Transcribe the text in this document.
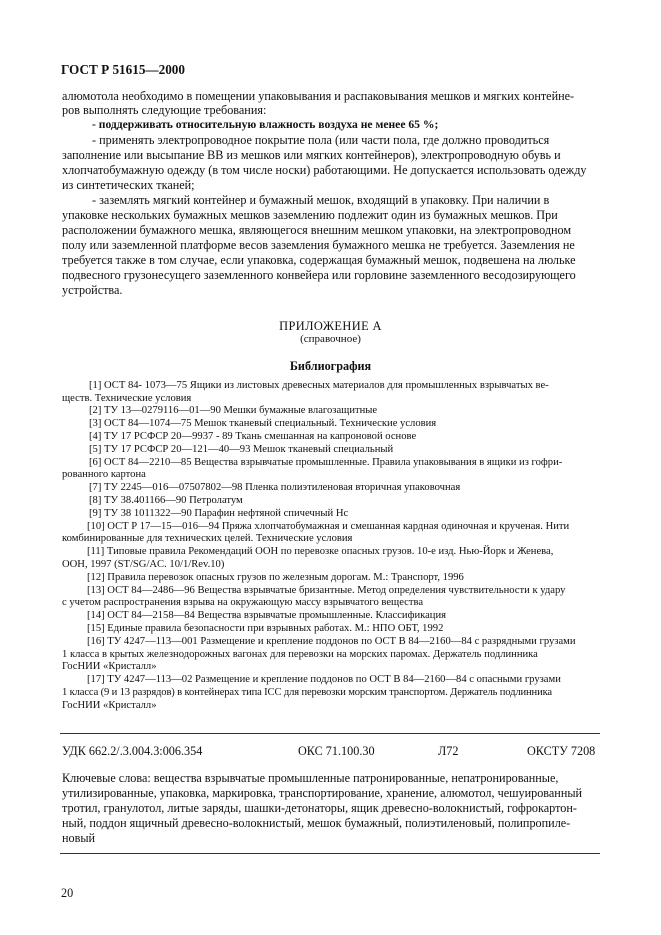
ГОСТ Р 51615—2000
алюмотола необходимо в помещении упаковывания и распаковывания мешков и мягких контейне-
ров выполнять следующие требования:
- поддерживать относительную влажность воздуха не менее 65 %;
- применять электропроводное покрытие пола (или части пола, где должно проводиться
заполнение или высыпание ВВ из мешков или мягких контейнеров), электропроводную обувь и
хлопчатобумажную одежду (в том числе носки) работающими. Не допускается использовать одежду
из синтетических тканей;
- заземлять мягкий контейнер и бумажный мешок, входящий в упаковку. При наличии в
упаковке нескольких бумажных мешков заземлению подлежит один из бумажных мешков. При
расположении бумажного мешка, являющегося внешним мешком упаковки, на электропроводном
полу или заземленной платформе весов заземления бумажного мешка не требуется. Заземления не
требуется также в том случае, если упаковка, содержащая бумажный мешок, подвешена на люльке
подвесного грузонесущего заземленного конвейера или горловине заземленного весодозирующего
устройства.
ПРИЛОЖЕНИЕ А
(справочное)
Библиография
[1] ОСТ 84- 1073—75 Ящики из листовых древесных материалов для промышленных взрывчатых ве-
ществ. Технические условия
[2] ТУ 13—0279116—01—90 Мешки бумажные влагозащитные
[3] ОСТ 84—1074—75 Мешок тканевый специальный. Технические условия
[4] ТУ 17 РСФСР 20—9937 - 89 Ткань смешанная на капроновой основе
[5] ТУ 17 РСФСР 20—121—40—93 Мешок тканевый специальный
[6] ОСТ 84—2210—85 Вещества взрывчатые промышленные. Правила упаковывания в ящики из гофри-
рованного картона
[7] ТУ 2245—016—07507802—98 Пленка полиэтиленовая вторичная упаковочная
[8] ТУ 38.401166—90 Петролатум
[9] ТУ 38 1011322—90 Парафин нефтяной спичечный Нс
[10] ОСТ Р 17—15—016—94 Пряжа хлопчатобумажная и смешанная кардная одиночная и крученая. Нити
комбинированные для технических целей. Технические условия
[11] Типовые правила Рекомендаций ООН по перевозке опасных грузов. 10-е изд. Нью-Йорк и Женева,
ООН, 1997 (ST/SG/AC. 10/1/Rev.10)
[12] Правила перевозок опасных грузов по железным дорогам. М.: Транспорт, 1996
[13] ОСТ 84—2486—96 Вещества взрывчатые бризантные. Метод определения чувствительности к удару
с учетом распространения взрыва на окружающую массу взрывчатого вещества
[14] ОСТ 84—2158—84 Вещества взрывчатые промышленные. Классификация
[15] Единые правила безопасности при взрывных работах. М.: НПО ОБТ, 1992
[16] ТУ 4247—113—001 Размещение и крепление поддонов по ОСТ В 84—2160—84 с разрядными грузами
1 класса в крытых железнодорожных вагонах для перевозки на морских паромах. Держатель подлинника
ГосНИИ «Кристалл»
[17] ТУ 4247—113—02 Размещение и крепление поддонов по ОСТ В 84—2160—84 с опасными грузами
1 класса (9 и 13 разрядов) в контейнерах типа ICC для перевозки морским транспортом. Держатель подлинника
ГосНИИ «Кристалл»
УДК 662.2/.3.004.3:006.354	ОКС 71.100.30	Л72	ОКСТУ 7208
Ключевые слова: вещества взрывчатые промышленные патронированные, непатронированные,
утилизированные, упаковка, маркировка, транспортирование, хранение, алюмотол, чешуированный
тротил, гранулотол, литые заряды, шашки-детонаторы, ящик древесно-волокнистый, гофрокартон-
ный, поддон ящичный древесно-волокнистый, мешок бумажный, полиэтиленовый, полипропиле-
новый
20
